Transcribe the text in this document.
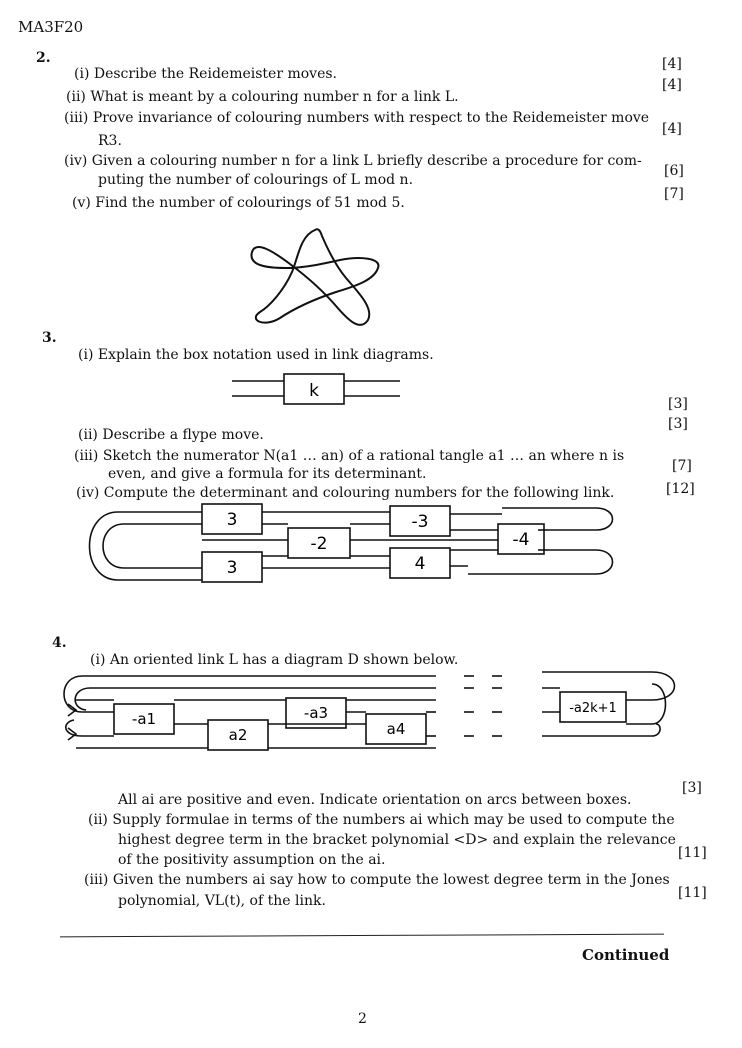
MA3F20
2.
(i) Describe the Reidemeister moves.
[4]
(ii) What is meant by a colouring number n for a link L.
[4]
(iii) Prove invariance of colouring numbers with respect to the Reidemeister move
R3.
[4]
(iv) Given a colouring number n for a link L briefly describe a procedure for com-
puting the number of colourings of L mod n.
[6]
(v) Find the number of colourings of 51 mod 5.
[7]
3.
(i) Explain the box notation used in link diagrams.
[3]
k
(ii) Describe a flype move.
[3]
(iii) Sketch the numerator N(a1 … an) of a rational tangle a1 … an where n is
even, and give a formula for its determinant.	[7]
(iv) Compute the determinant and colouring numbers for the following link.	[12]
3
3
-2
-3
4
-4
4.
(i) An oriented link L has a diagram D shown below.
-a1
a2
-a3
a4
-a2k+1
All ai are positive and even. Indicate orientation on arcs between boxes.
[3]
(ii) Supply formulae in terms of the numbers ai which may be used to compute the
highest degree term in the bracket polynomial <D> and explain the relevance
of the positivity assumption on the ai.	[11]
(iii) Given the numbers ai say how to compute the lowest degree term in the Jones
polynomial, VL(t), of the link.	[11]
Continued
2
